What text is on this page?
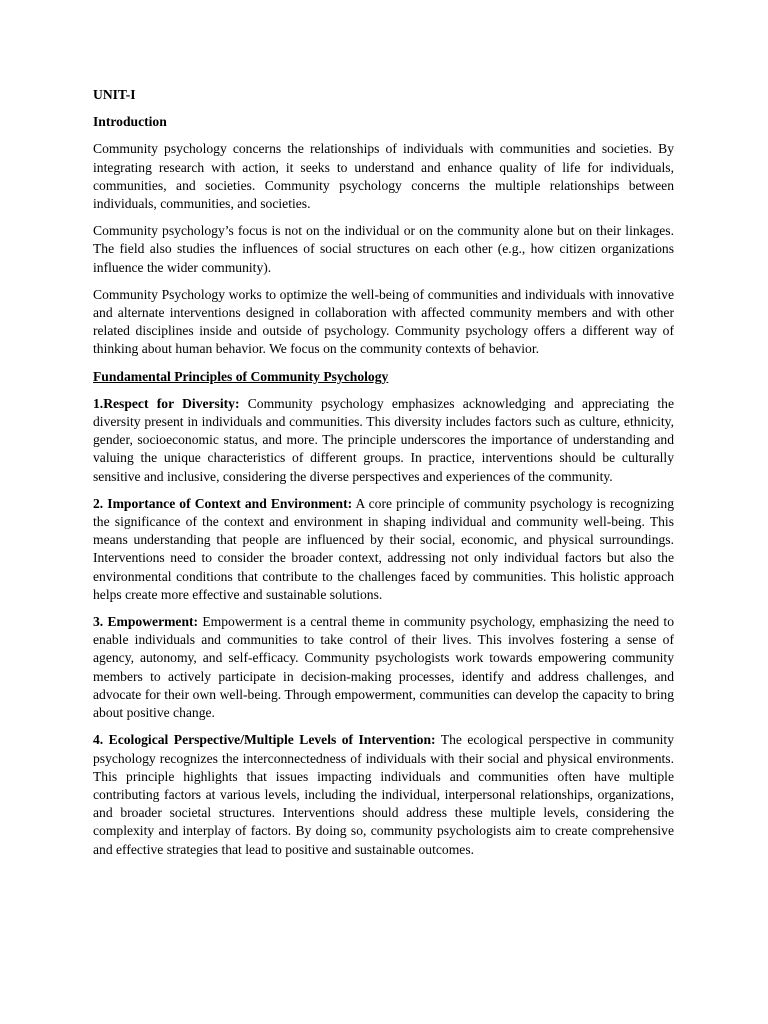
UNIT-I
Introduction

Community psychology concerns the relationships of individuals with communities and societies. By integrating research with action, it seeks to understand and enhance quality of life for individuals, communities, and societies. Community psychology concerns the multiple relationships between individuals, communities, and societies.

Community psychology’s focus is not on the individual or on the community alone but on their linkages. The field also studies the influences of social structures on each other (e.g., how citizen organizations influence the wider community).

Community Psychology works to optimize the well-being of communities and individuals with innovative and alternate interventions designed in collaboration with affected community members and with other related disciplines inside and outside of psychology. Community psychology offers a different way of thinking about human behavior. We focus on the community contexts of behavior.

Fundamental Principles of Community Psychology

1.Respect for Diversity: Community psychology emphasizes acknowledging and appreciating the diversity present in individuals and communities. This diversity includes factors such as culture, ethnicity, gender, socioeconomic status, and more. The principle underscores the importance of understanding and valuing the unique characteristics of different groups. In practice, interventions should be culturally sensitive and inclusive, considering the diverse perspectives and experiences of the community.

2. Importance of Context and Environment: A core principle of community psychology is recognizing the significance of the context and environment in shaping individual and community well-being. This means understanding that people are influenced by their social, economic, and physical surroundings. Interventions need to consider the broader context, addressing not only individual factors but also the environmental conditions that contribute to the challenges faced by communities. This holistic approach helps create more effective and sustainable solutions.

3. Empowerment: Empowerment is a central theme in community psychology, emphasizing the need to enable individuals and communities to take control of their lives. This involves fostering a sense of agency, autonomy, and self-efficacy. Community psychologists work towards empowering community members to actively participate in decision-making processes, identify and address challenges, and advocate for their own well-being. Through empowerment, communities can develop the capacity to bring about positive change.

4. Ecological Perspective/Multiple Levels of Intervention: The ecological perspective in community psychology recognizes the interconnectedness of individuals with their social and physical environments. This principle highlights that issues impacting individuals and communities often have multiple contributing factors at various levels, including the individual, interpersonal relationships, organizations, and broader societal structures. Interventions should address these multiple levels, considering the complexity and interplay of factors. By doing so, community psychologists aim to create comprehensive and effective strategies that lead to positive and sustainable outcomes.
